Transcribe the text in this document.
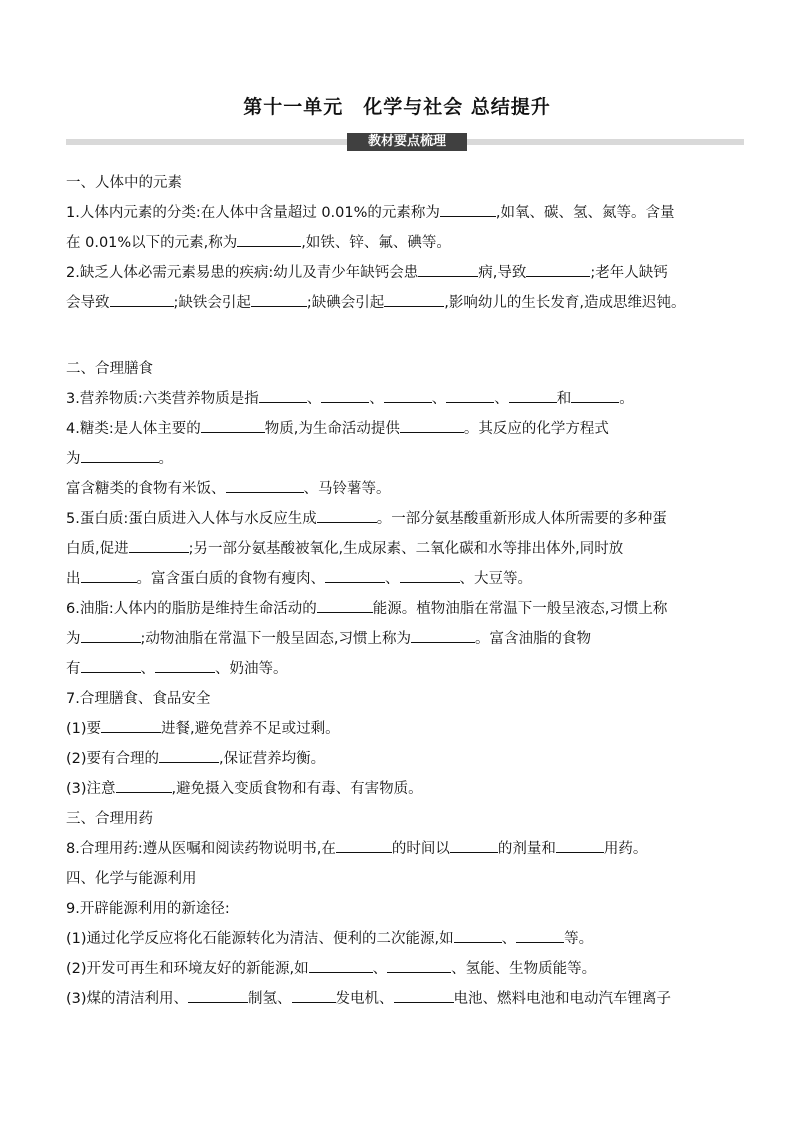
第十一单元　化学与社会 总结提升
教材要点梳理

一、人体中的元素

1.人体内元素的分类:在人体中含量超过 0.01%的元素称为	,如氧、碳、氢、氮等。含量

在 0.01%以下的元素,称为	,如铁、锌、氟、碘等。

2.缺乏人体必需元素易患的疾病:幼儿及青少年缺钙会患	病,导致	;老年人缺钙

会导致	;缺铁会引起	;缺碘会引起	,影响幼儿的生长发育,造成思维迟钝。

二、合理膳食

3.营养物质:六类营养物质是指	、	、	、	、	和	。

4.糖类:是人体主要的	物质,为生命活动提供	。其反应的化学方程式

为	。

富含糖类的食物有米饭、	、马铃薯等。

5.蛋白质:蛋白质进入人体与水反应生成	。一部分氨基酸重新形成人体所需要的多种蛋

白质,促进	;另一部分氨基酸被氧化,生成尿素、二氧化碳和水等排出体外,同时放

出	。富含蛋白质的食物有瘦肉、	、	、大豆等。

6.油脂:人体内的脂肪是维持生命活动的	能源。植物油脂在常温下一般呈液态,习惯上称

为	;动物油脂在常温下一般呈固态,习惯上称为	。富含油脂的食物

有	、	、奶油等。

7.合理膳食、食品安全

(1)要	进餐,避免营养不足或过剩。

(2)要有合理的	,保证营养均衡。

(3)注意	,避免摄入变质食物和有毒、有害物质。

三、合理用药

8.合理用药:遵从医嘱和阅读药物说明书,在	的时间以	的剂量和	用药。

四、化学与能源利用

9.开辟能源利用的新途径:

(1)通过化学反应将化石能源转化为清洁、便利的二次能源,如	、	等。

(2)开发可再生和环境友好的新能源,如	、	、氢能、生物质能等。

(3)煤的清洁利用、	制氢、	发电机、	电池、燃料电池和电动汽车锂离子
